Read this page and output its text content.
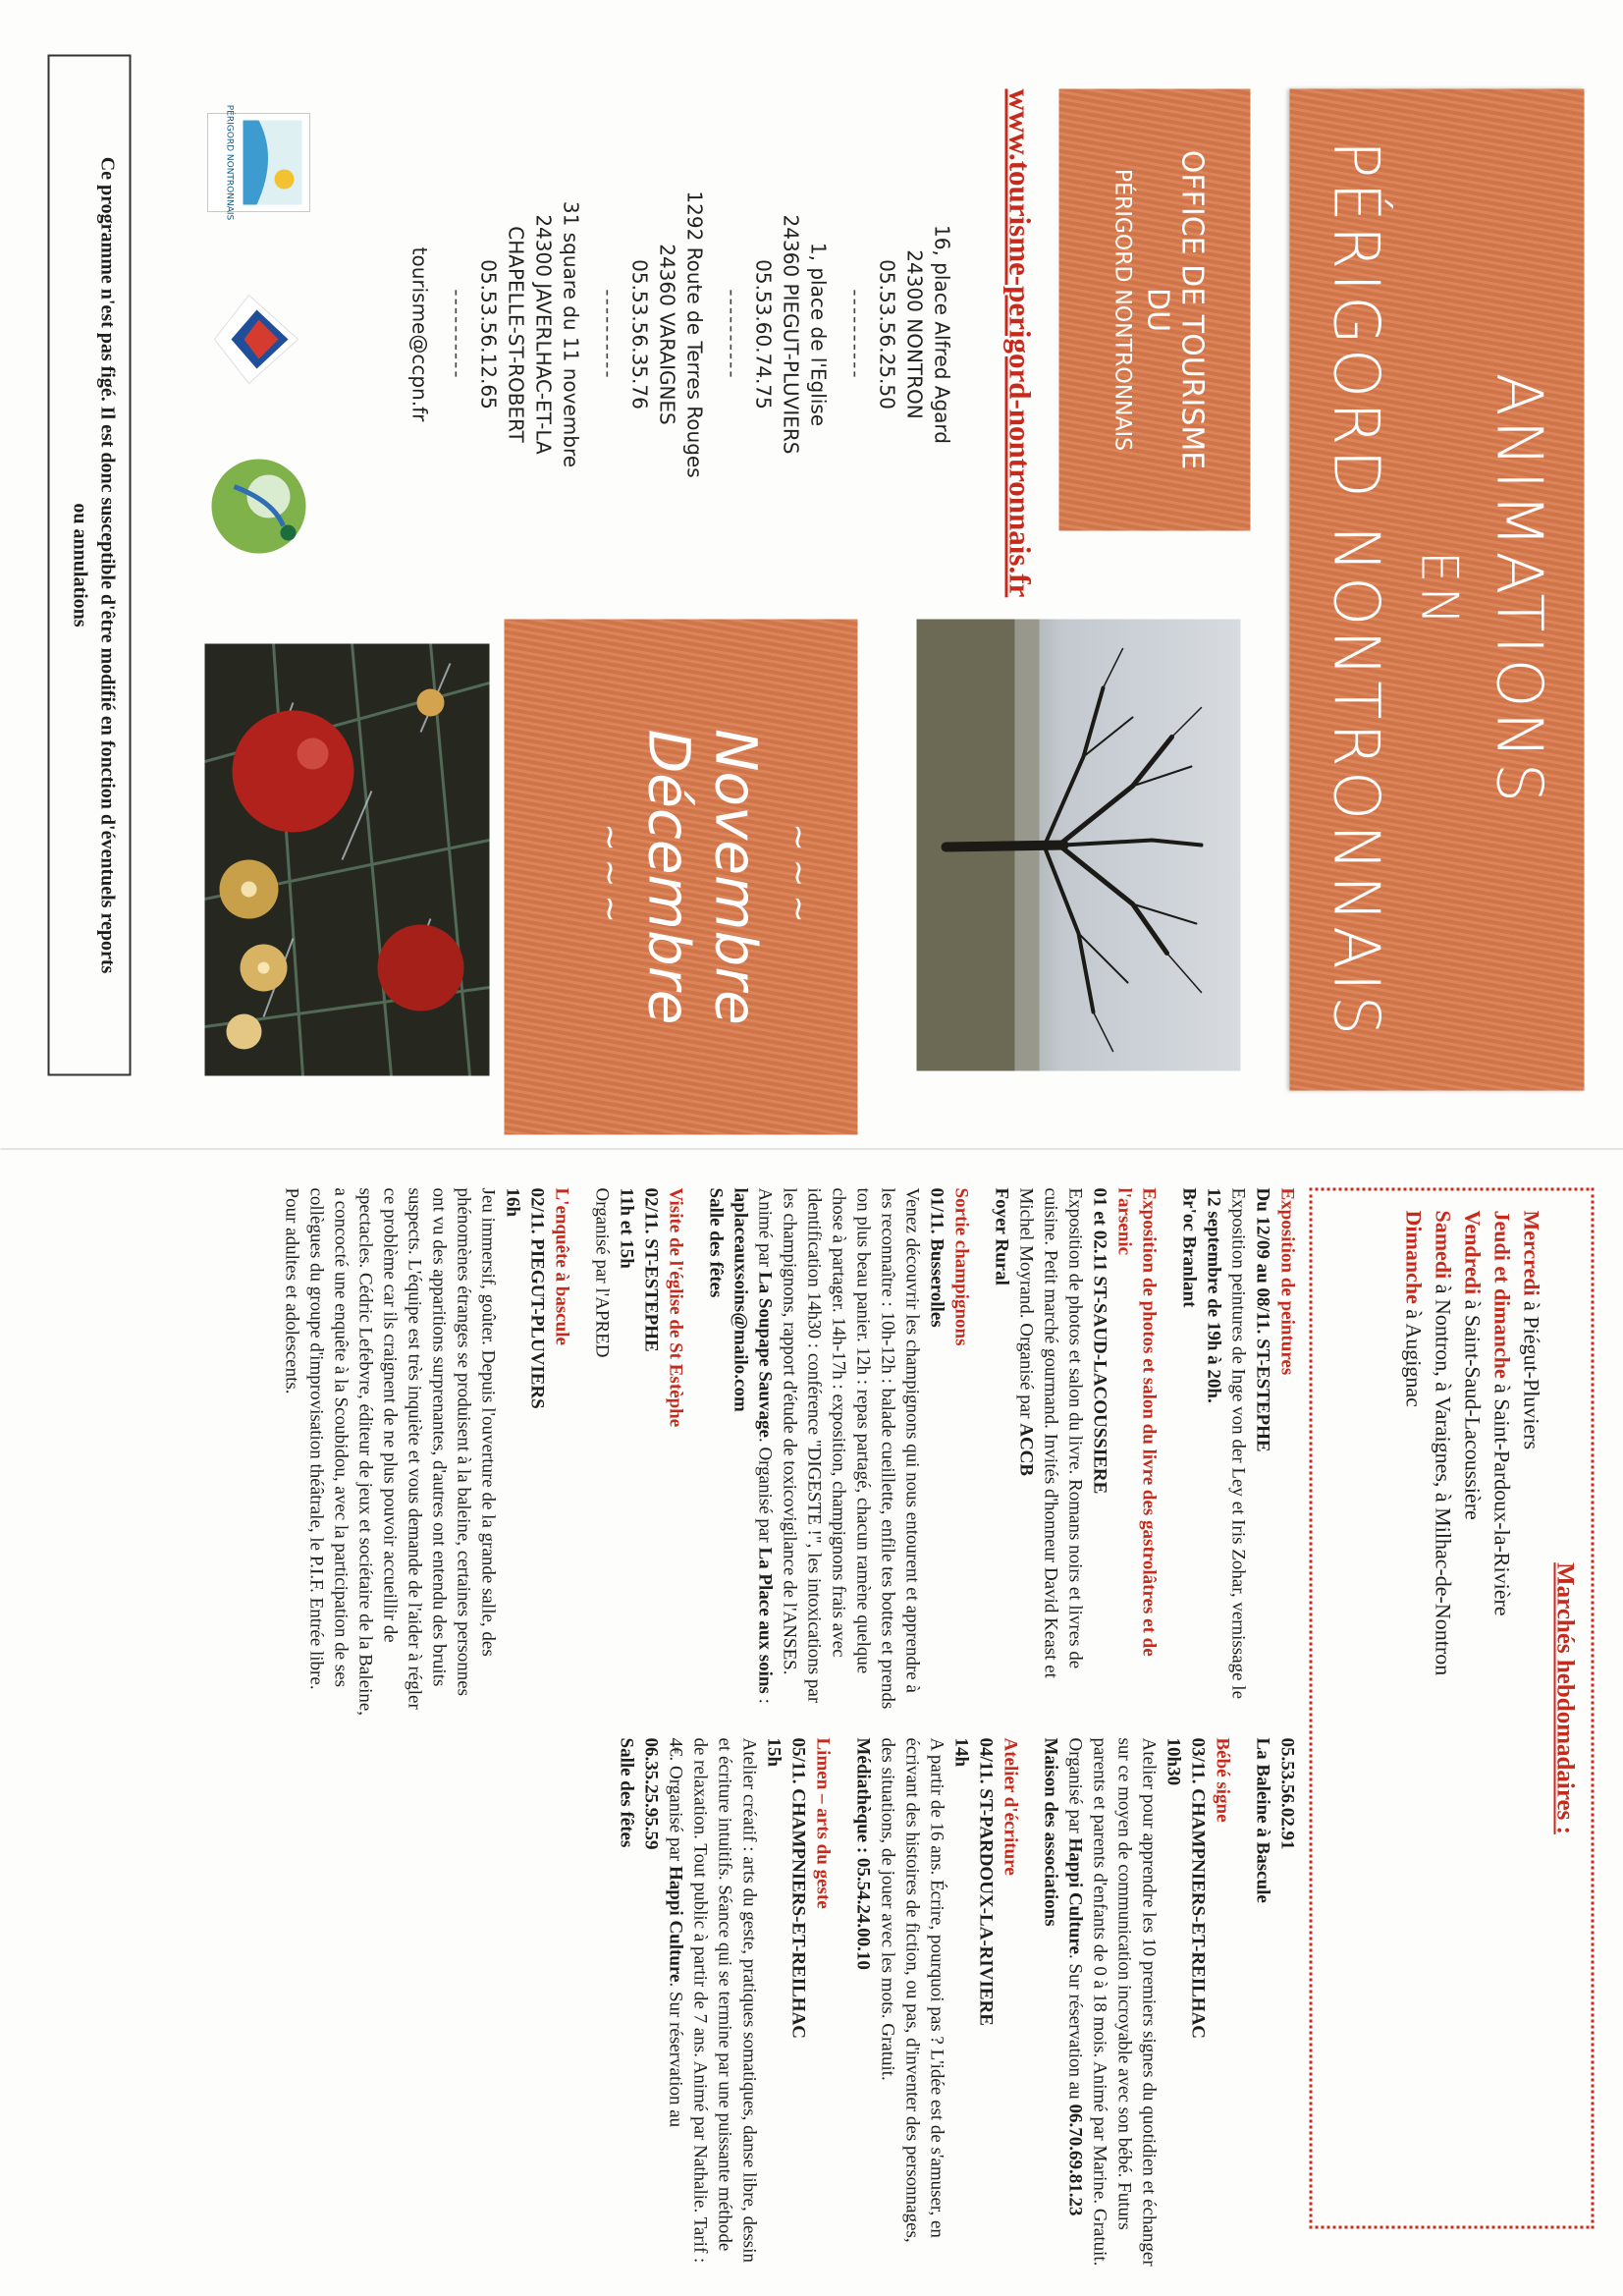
ANIMATIONS
EN
PÉRIGORD NONTRONNAIS
OFFICE DE TOURISME
DU
PÉRIGORD NONTRONNAIS
www.tourisme-perigord-nontronnais.fr
16, place Alfred Agard
24300 NONTRON
05.53.56.25.50
----------
1, place de l'Eglise
24360 PIEGUT-PLUVIERS
05.53.60.74.75
----------
1292 Route de Terres Rouges
24360 VARAIGNES
05.53.56.35.76
----------
31 square du 11 novembre
24300 JAVERLHAC-ET-LA
CHAPELLE-ST-ROBERT
05.53.56.12.65
----------
tourisme@ccpn.fr
~~~
Novembre
Décembre
~~~
PÉRIGORD NONTRONNAIS
Ce programme n'est pas figé. Il est donc susceptible d'être modifié en fonction d'éventuels reports
ou annulations
Marchés hebdomadaires :
Mercredi à Piégut-Pluviers
Jeudi et dimanche à Saint-Pardoux-la-Rivière
Vendredi à Saint-Saud-Lacoussière
Samedi à Nontron, à Varaignes, à Milhac-de-Nontron
Dimanche à Augignac
Exposition de peintures
Du 12/09 au 08/11. ST-ESTEPHE
Exposition peintures de Inge von der Ley et Iris Zohar, vernissage le 12 septembre de 19h à 20h.
Br'oc Branlant
Exposition de photos et salon du livre des gastrolâtres et de l'arsenic
01 et 02.11 ST-SAUD-LACOUSSIERE
Exposition de photos et salon du livre. Romans noirs et livres de cuisine. Petit marché gourmand. Invités d'honneur David Keast et Michel Moyrand. Organisé par ACCB
Foyer Rural
Sortie champignons
01/11. Busserolles
Venez découvrir les champignons qui nous entourent et apprendre à les reconnaître : 10h-12h : balade cueillette, enfile tes bottes et prends ton plus beau panier. 12h : repas partagé, chacun ramène quelque chose à partager. 14h-17h : exposition, champignons frais avec identification 14h30 : conférence "DIGESTE !", les intoxications par les champignons, rapport d'étude de toxicovigilance de l'ANSES. Animé par La Soupape Sauvage. Organisé par La Place aux soins :
laplaceauxsoins@mailo.com
Salle des fêtes
Visite de l'église de St Estèphe
02/11. ST-ESTEPHE
11h et 15h
Organisé par l'APRED
L'enquête à bascule
02/11. PIEGUT-PLUVIERS
16h
Jeu immersif, goûter. Depuis l'ouverture de la grande salle, des phénomènes étranges se produisent à la baleine, certaines personnes ont vu des apparitions surprenantes, d'autres ont entendu des bruits suspects. L'équipe est très inquiète et vous demande de l'aider à régler ce problème car ils craignent de ne plus pouvoir accueillir de spectacles. Cédric Lefebvre, éditeur de jeux et sociétaire de la Baleine, a concocté une enquête à la Scoubidou, avec la participation de ses collègues du groupe d'improvisation théâtrale, le P.I.F. Entrée libre. Pour adultes et adolescents.
05.53.56.02.91
La Baleine à Bascule
Bébé signe
03/11. CHAMPNIERS-ET-REILHAC
10h30
Atelier pour apprendre les 10 premiers signes du quotidien et échanger sur ce moyen de communication incroyable avec son bébé. Futurs parents et parents d'enfants de 0 à 18 mois. Animé par Marine. Gratuit. Organisé par Happi Culture. Sur réservation au 06.70.69.81.23
Maison des associations
Atelier d'écriture
04/11. ST-PARDOUX-LA-RIVIERE
14h
A partir de 16 ans. Écrire, pourquoi pas ? L'idée est de s'amuser, en écrivant des histoires de fiction, ou pas, d'inventer des personnages, des situations, de jouer avec les mots. Gratuit.
Médiathèque : 05.54.24.00.10
Limen – arts du geste
05/11. CHAMPNIERS-ET-REILHAC
15h
Atelier créatif : arts du geste, pratiques somatiques, danse libre, dessin et écriture intuitifs. Séance qui se termine par une puissante méthode de relaxation. Tout public à partir de 7 ans. Animé par Nathalie. Tarif : 4€. Organisé par Happi Culture. Sur réservation au
06.35.25.95.59
Salle des fêtes
